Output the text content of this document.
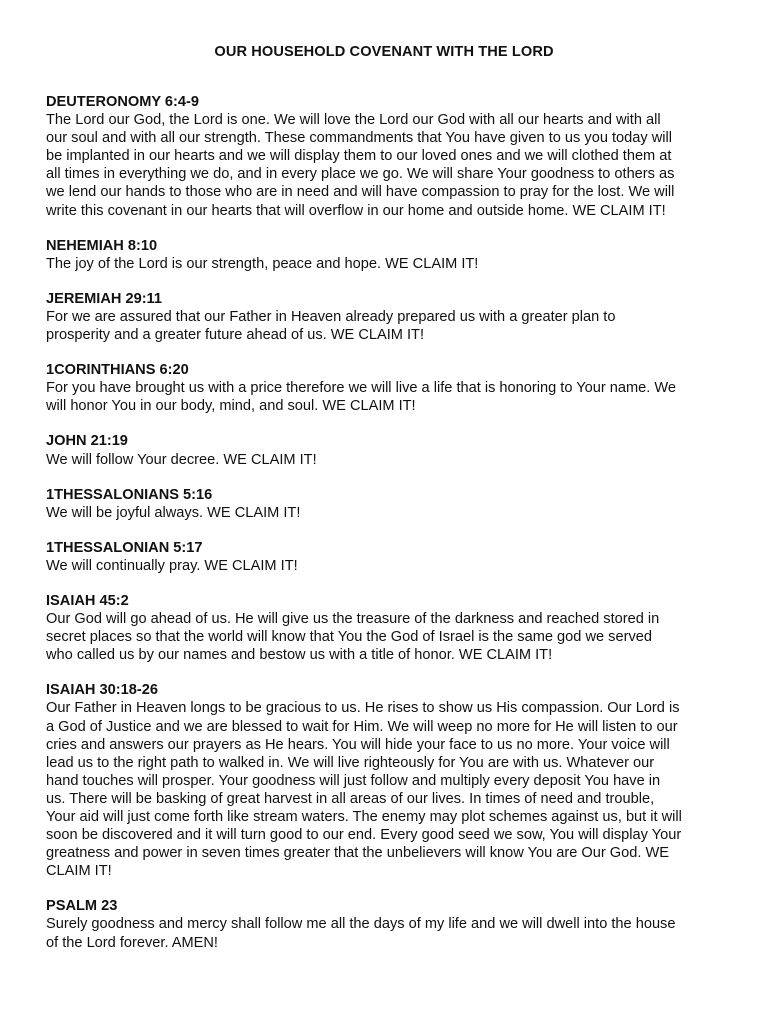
OUR HOUSEHOLD COVENANT WITH THE LORD

DEUTERONOMY 6:4-9

The Lord our God, the Lord is one. We will love the Lord our God with all our hearts and with all

our soul and with all our strength. These commandments that You have given to us you today will

be implanted in our hearts and we will display them to our loved ones and we will clothed them at

all times in everything we do, and in every place we go. We will share Your goodness to others as

we lend our hands to those who are in need and will have compassion to pray for the lost. We will

write this covenant in our hearts that will overflow in our home and outside home. WE CLAIM IT!

NEHEMIAH 8:10

The joy of the Lord is our strength, peace and hope. WE CLAIM IT!

JEREMIAH 29:11

For we are assured that our Father in Heaven already prepared us with a greater plan to

prosperity and a greater future ahead of us. WE CLAIM IT!

1CORINTHIANS 6:20

For you have brought us with a price therefore we will live a life that is honoring to Your name. We

will honor You in our body, mind, and soul. WE CLAIM IT!

JOHN 21:19

We will follow Your decree. WE CLAIM IT!

1THESSALONIANS 5:16

We will be joyful always. WE CLAIM IT!

1THESSALONIAN 5:17

We will continually pray. WE CLAIM IT!

ISAIAH 45:2

Our God will go ahead of us. He will give us the treasure of the darkness and reached stored in

secret places so that the world will know that You the God of Israel is the same god we served

who called us by our names and bestow us with a title of honor. WE CLAIM IT!

ISAIAH 30:18-26

Our Father in Heaven longs to be gracious to us. He rises to show us His compassion. Our Lord is

a God of Justice and we are blessed to wait for Him. We will weep no more for He will listen to our

cries and answers our prayers as He hears. You will hide your face to us no more. Your voice will

lead us to the right path to walked in. We will live righteously for You are with us. Whatever our

hand touches will prosper. Your goodness will just follow and multiply every deposit You have in

us. There will be basking of great harvest in all areas of our lives. In times of need and trouble,

Your aid will just come forth like stream waters. The enemy may plot schemes against us, but it will

soon be discovered and it will turn good to our end. Every good seed we sow, You will display Your

greatness and power in seven times greater that the unbelievers will know You are Our God. WE

CLAIM IT!

PSALM 23

Surely goodness and mercy shall follow me all the days of my life and we will dwell into the house

of the Lord forever. AMEN!
